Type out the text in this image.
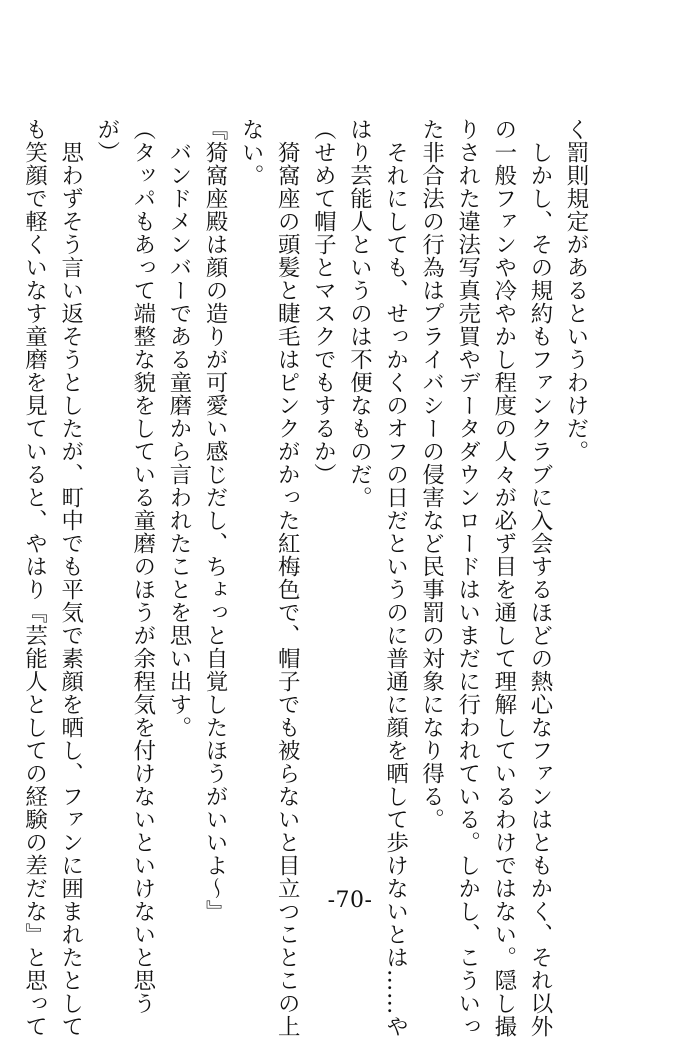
く罰則規定があるというわけだ。
　しかし、その規約もファンクラブに入会するほどの熱心なファンはともかく、それ以外
の一般ファンや冷やかし程度の人々が必ず目を通して理解しているわけではない。隠し撮
りされた違法写真売買やデータダウンロードはいまだに行われている。しかし、こういっ
た非合法の行為はプライバシーの侵害など民事罰の対象になり得る。
　それにしても、せっかくのオフの日だというのに普通に顔を晒して歩けないとは……や
はり芸能人というのは不便なものだ。
（せめて帽子とマスクでもするか）
　猗窩座の頭髪と睫毛はピンクがかった紅梅色で、帽子でも被らないと目立つことこの上
ない。
『猗窩座殿は顔の造りが可愛い感じだし、ちょっと自覚したほうがいいよ～』
　バンドメンバーである童磨から言われたことを思い出す。
（タッパもあって端整な貌をしている童磨のほうが余程気を付けないといけないと思う
が）
　思わずそう言い返そうとしたが、町中でも平気で素顔を晒し、ファンに囲まれたとして
も笑顔で軽くいなす童磨を見ていると、やはり『芸能人としての経験の差だな』と思って	-70-
